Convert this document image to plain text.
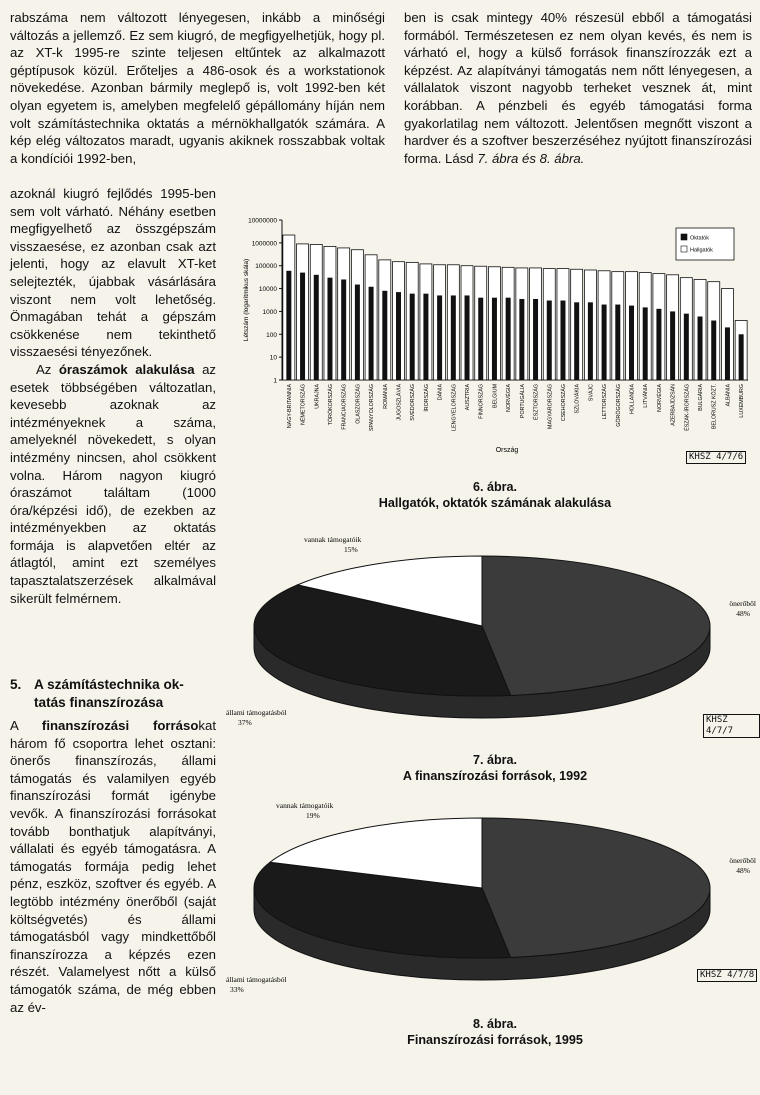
rabszáma nem változott lényegesen, inkább a minőségi változás a jellemző. Ez sem kiugró, de megfigyelhetjük, hogy pl. az XT-k 1995-re szinte teljesen eltűntek az alkalmazott géptípusok közül. Erőteljes a 486-osok és a workstationok növekedése. Azonban bármily meglepő is, volt 1992-ben két olyan egyetem is, amelyben megfelelő gépállomány híján nem volt számítástechnika oktatás a mérnökhallgatók számára. A kép elég változatos maradt, ugyanis akiknek rosszabbak voltak a kondíciói 1992-ben,

azoknál kiugró fejlődés 1995-ben sem volt várható. Néhány esetben megfigyelhető az összgépszám visszaesése, ez azonban csak azt jelenti, hogy az elavult XT-ket selejtezték, újabbak vásárlására viszont nem volt lehetőség. Önmagában tehát a gépszám csökkenése nem tekinthető visszaesési tényezőnek.

Az óraszámok alakulása az esetek többségében változatlan, kevesebb azoknak az intézményeknek a száma, amelyeknél növekedett, s olyan intézmény nincsen, ahol csökkent volna. Három nagyon kiugró óraszámot találtam (1000 óra/képzési idő), de ezekben az intézményekben az oktatás formája is alapvetően eltér az átlagtól, amint ezt személyes tapasztalatszerzések alkalmával sikerült felmérnem.

5. A számítástechnika ok-
tatás finanszírozása

A finanszírozási forrásokat három fő csoportra lehet osztani: önerős finanszírozás, állami támogatás és valamilyen egyéb finanszírozási formát igénybe vevők. A finanszírozási forrásokat tovább bonthatjuk alapítványi, vállalati és egyéb támogatásra. A támogatás formája pedig lehet pénz, eszköz, szoftver és egyéb. A legtöbb intézmény önerőből (saját költségvetés) és állami támogatásból vagy mindkettőből finanszírozza a képzés ezen részét. Valamelyest nőtt a külső támogatók száma, de még ebben az év-

ben is csak mintegy 40% részesül ebből a támogatási formából. Természetesen ez nem olyan kevés, és nem is várható el, hogy a külső források finanszírozzák ezt a képzést. Az alapítványi támogatás nem nőtt lényegesen, a vállalatok viszont nagyobb terheket vesznek át, mint korábban. A pénzbeli és egyéb támogatási forma gyakorlatilag nem változott. Jelentősen megnőtt viszont a hardver és a szoftver beszerzéséhez nyújtott finanszírozási forma. Lásd 7. ábra és 8. ábra.

10000000
1000000
100000
10000
1000
100
10
1
Létszám (logaritmikus skála)
NAGY-BRITANNIA NÉMETORSZÁG UKRAJNA TÖRÖKORSZÁG FRANCIAORSZÁG OLASZORSZÁG SPANYOLORSZÁG ROMÁNIA JUGOSZLÁVIA SVÉDORSZÁG ÍRORSZÁG DÁNIA LENGYELORSZÁG AUSZTRIA FINNORSZÁG BELGIUM NORVÉGIA PORTUGÁLIA ÉSZTORSZÁG MAGYARORSZÁG CSEHORSZÁG SZLOVÁKIA SVÁJC LETTORSZÁG GÖRÖGORSZÁG HOLLANDIA LITVÁNIA NORVÉGIA AZERBAJDZSÁN ÉSZAK-ÍRORSZÁG BULGÁRIA BELORUSZ KÖZT. ALBÁNIA LUXEMBURG
Ország
Oktatók
Hallgatók
KHSZ 4/7/6
6. ábra.
Hallgatók, oktatók számának alakulása
önerőből
48%
állami támogatásból
37%
vannak támogatóik
15%
KHSZ 4/7/7
7. ábra.
A finanszírozási források, 1992
önerőből
48%
állami támogatásból
33%
vannak támogatóik
19%
KHSZ 4/7/8
8. ábra.
Finanszírozási források, 1995
